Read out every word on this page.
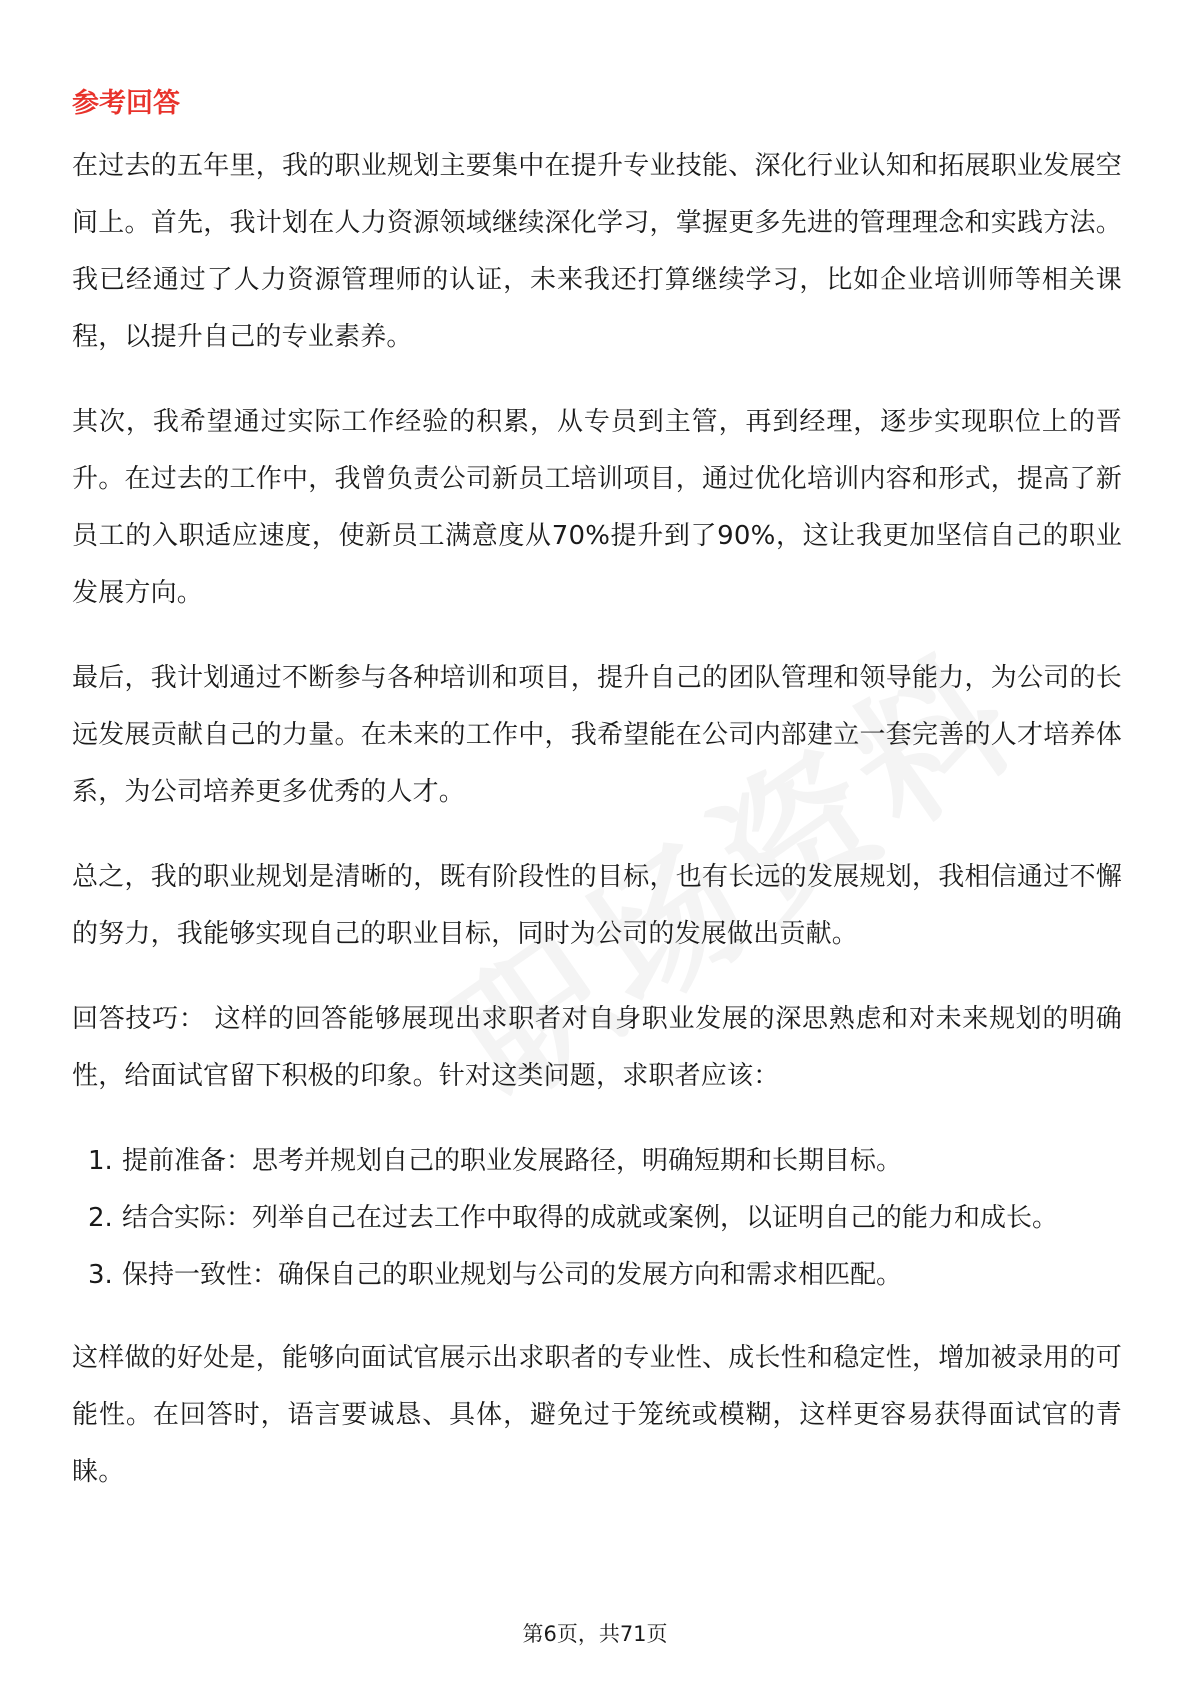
参考回答

在过去的五年里，我的职业规划主要集中在提升专业技能、深化行业认知和拓展职业发展空间上。首先，我计划在人力资源领域继续深化学习，掌握更多先进的管理理念和实践方法。我已经通过了人力资源管理师的认证，未来我还打算继续学习，比如企业培训师等相关课程，以提升自己的专业素养。

其次，我希望通过实际工作经验的积累，从专员到主管，再到经理，逐步实现职位上的晋升。在过去的工作中，我曾负责公司新员工培训项目，通过优化培训内容和形式，提高了新员工的入职适应速度，使新员工满意度从70%提升到了90%，这让我更加坚信自己的职业发展方向。

最后，我计划通过不断参与各种培训和项目，提升自己的团队管理和领导能力，为公司的长远发展贡献自己的力量。在未来的工作中，我希望能在公司内部建立一套完善的人才培养体系，为公司培养更多优秀的人才。

总之，我的职业规划是清晰的，既有阶段性的目标，也有长远的发展规划，我相信通过不懈的努力，我能够实现自己的职业目标，同时为公司的发展做出贡献。

回答技巧： 这样的回答能够展现出求职者对自身职业发展的深思熟虑和对未来规划的明确性，给面试官留下积极的印象。针对这类问题，求职者应该：

1. 提前准备：思考并规划自己的职业发展路径，明确短期和长期目标。
2. 结合实际：列举自己在过去工作中取得的成就或案例，以证明自己的能力和成长。
3. 保持一致性：确保自己的职业规划与公司的发展方向和需求相匹配。

这样做的好处是，能够向面试官展示出求职者的专业性、成长性和稳定性，增加被录用的可能性。在回答时，语言要诚恳、具体，避免过于笼统或模糊，这样更容易获得面试官的青睐。

第6页，共71页
